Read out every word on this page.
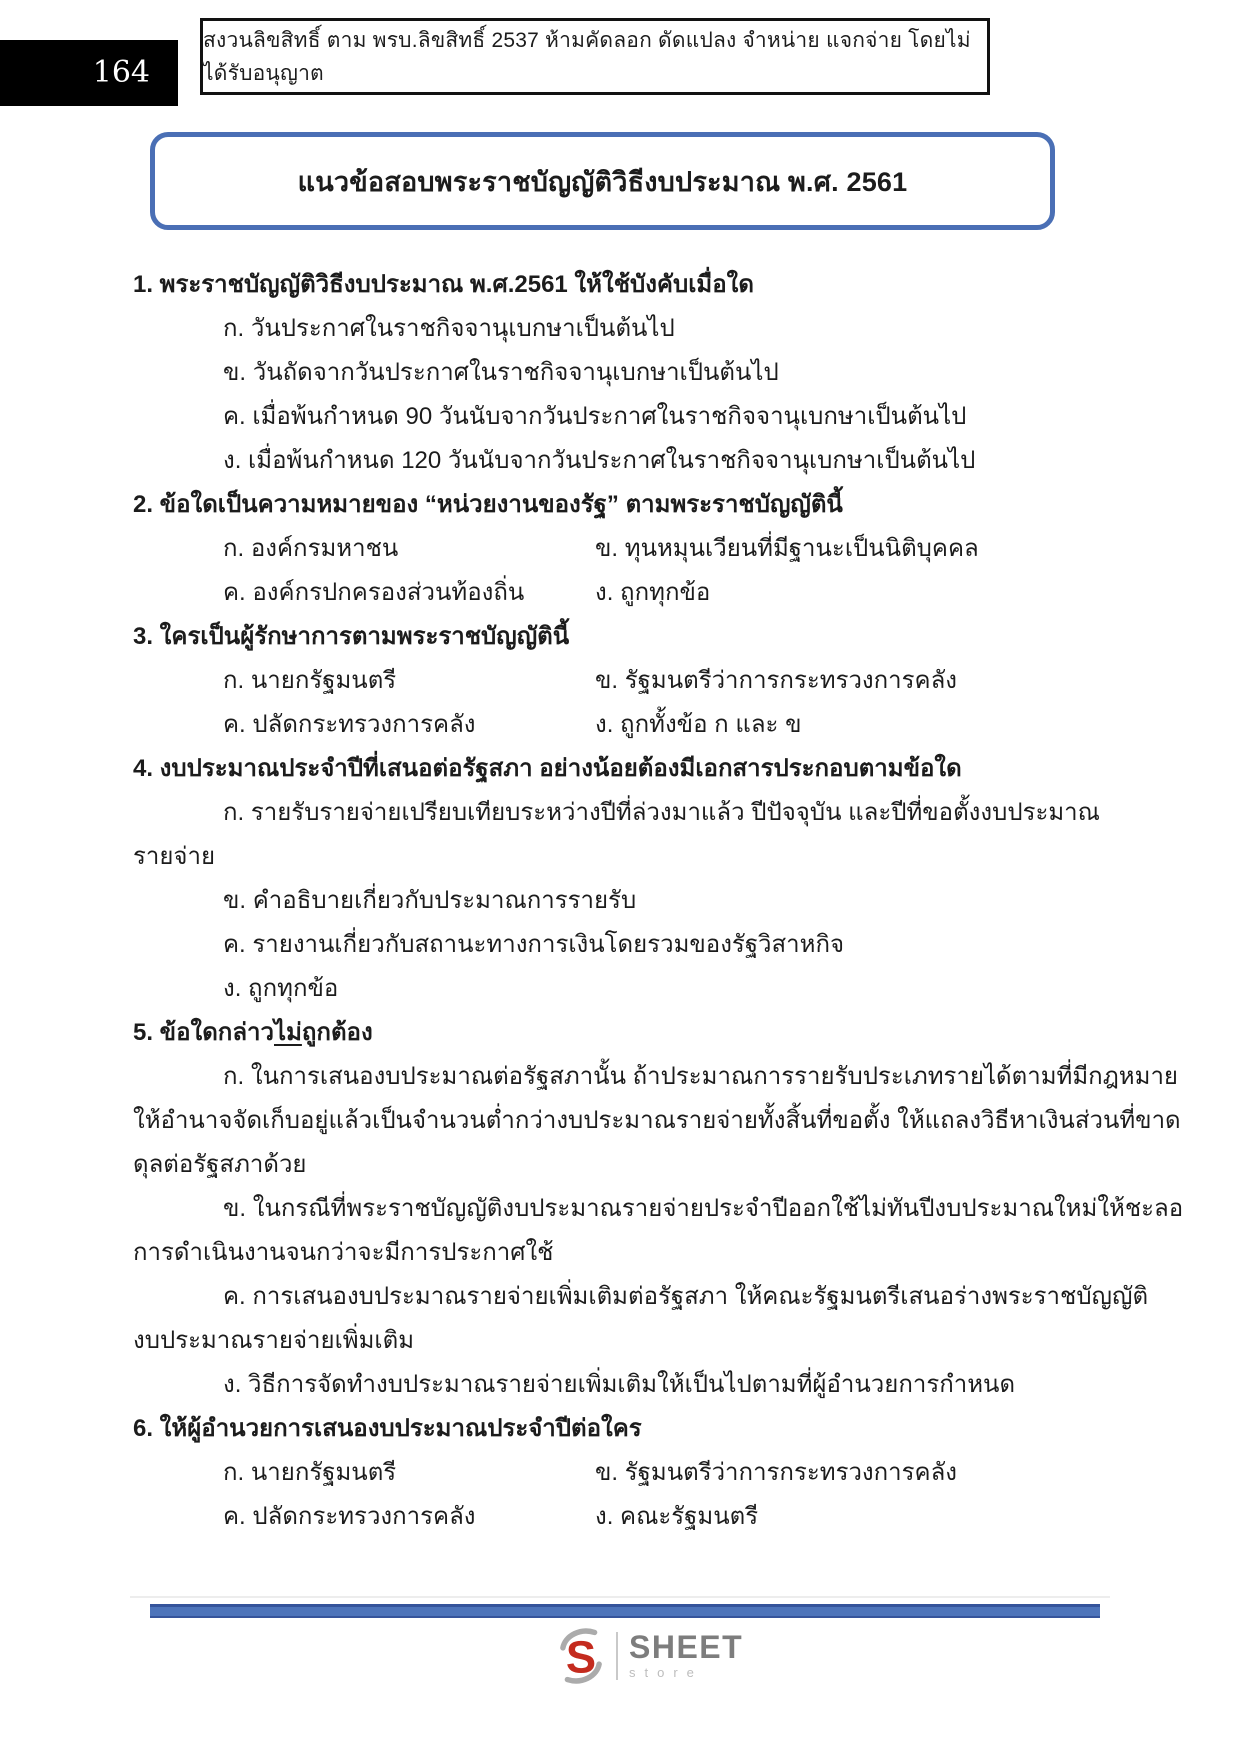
164
สงวนลิขสิทธิ์ ตาม พรบ.ลิขสิทธิ์ 2537 ห้ามคัดลอก ดัดแปลง จำหน่าย แจกจ่าย โดยไม่ได้รับอนุญาต
แนวข้อสอบพระราชบัญญัติวิธีงบประมาณ พ.ศ. 2561
1. พระราชบัญญัติวิธีงบประมาณ พ.ศ.2561 ให้ใช้บังคับเมื่อใด
ก. วันประกาศในราชกิจจานุเบกษาเป็นต้นไป
ข. วันถัดจากวันประกาศในราชกิจจานุเบกษาเป็นต้นไป
ค. เมื่อพ้นกำหนด 90 วันนับจากวันประกาศในราชกิจจานุเบกษาเป็นต้นไป
ง. เมื่อพ้นกำหนด 120 วันนับจากวันประกาศในราชกิจจานุเบกษาเป็นต้นไป
2. ข้อใดเป็นความหมายของ “หน่วยงานของรัฐ” ตามพระราชบัญญัตินี้
ก. องค์กรมหาชน	ข. ทุนหมุนเวียนที่มีฐานะเป็นนิติบุคคล
ค. องค์กรปกครองส่วนท้องถิ่น	ง. ถูกทุกข้อ
3. ใครเป็นผู้รักษาการตามพระราชบัญญัตินี้
ก. นายกรัฐมนตรี	ข. รัฐมนตรีว่าการกระทรวงการคลัง
ค. ปลัดกระทรวงการคลัง	ง. ถูกทั้งข้อ ก และ ข
4. งบประมาณประจำปีที่เสนอต่อรัฐสภา อย่างน้อยต้องมีเอกสารประกอบตามข้อใด
ก. รายรับรายจ่ายเปรียบเทียบระหว่างปีที่ล่วงมาแล้ว ปีปัจจุบัน และปีที่ขอตั้งงบประมาณ
รายจ่าย
ข. คำอธิบายเกี่ยวกับประมาณการรายรับ
ค. รายงานเกี่ยวกับสถานะทางการเงินโดยรวมของรัฐวิสาหกิจ
ง. ถูกทุกข้อ
5. ข้อใดกล่าวไม่ถูกต้อง
ก. ในการเสนองบประมาณต่อรัฐสภานั้น ถ้าประมาณการรายรับประเภทรายได้ตามที่มีกฎหมาย
ให้อำนาจจัดเก็บอยู่แล้วเป็นจำนวนต่ำกว่างบประมาณรายจ่ายทั้งสิ้นที่ขอตั้ง ให้แถลงวิธีหาเงินส่วนที่ขาด
ดุลต่อรัฐสภาด้วย
ข. ในกรณีที่พระราชบัญญัติงบประมาณรายจ่ายประจำปีออกใช้ไม่ทันปีงบประมาณใหม่ให้ชะลอ
การดำเนินงานจนกว่าจะมีการประกาศใช้
ค. การเสนองบประมาณรายจ่ายเพิ่มเติมต่อรัฐสภา ให้คณะรัฐมนตรีเสนอร่างพระราชบัญญัติ
งบประมาณรายจ่ายเพิ่มเติม
ง. วิธีการจัดทำงบประมาณรายจ่ายเพิ่มเติมให้เป็นไปตามที่ผู้อำนวยการกำหนด
6. ให้ผู้อำนวยการเสนองบประมาณประจำปีต่อใคร
ก. นายกรัฐมนตรี	ข. รัฐมนตรีว่าการกระทรวงการคลัง
ค. ปลัดกระทรวงการคลัง	ง. คณะรัฐมนตรี
S SHEET
store
